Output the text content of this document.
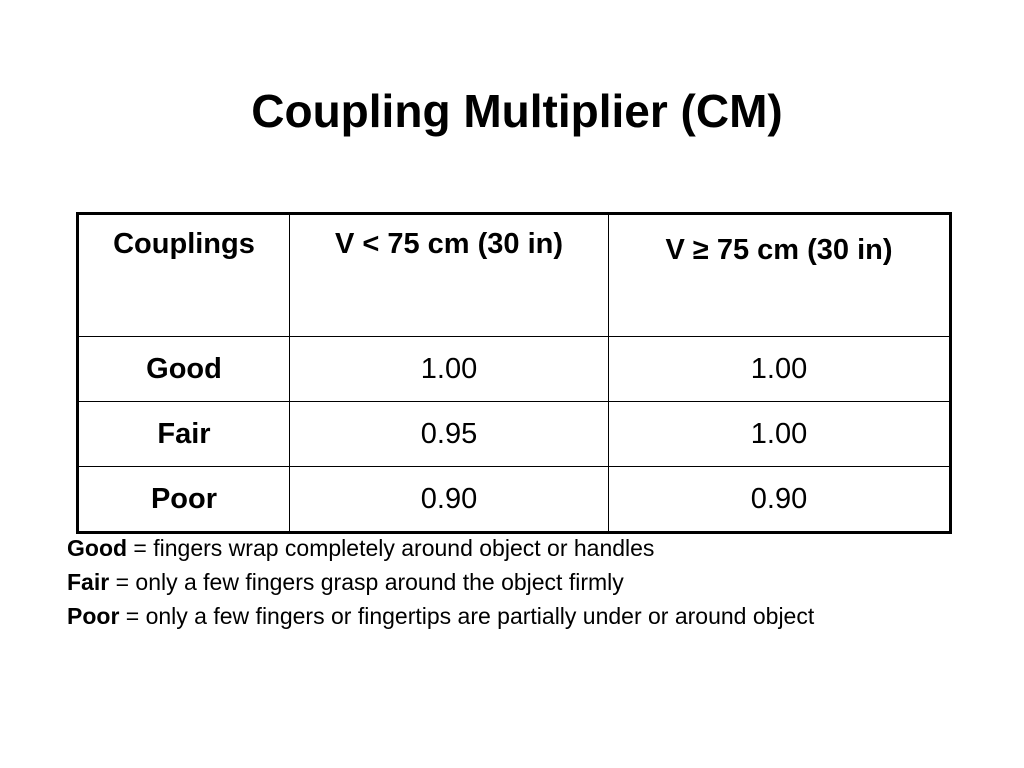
Coupling Multiplier (CM)
Couplings	V < 75 cm (30 in)	V ≥ 75 cm (30 in)
Good	1.00	1.00
Fair	0.95	1.00
Poor	0.90	0.90
Good = fingers wrap completely around object or handles
Fair = only a few fingers grasp around the object firmly
Poor = only a few fingers or fingertips are partially under or around object
